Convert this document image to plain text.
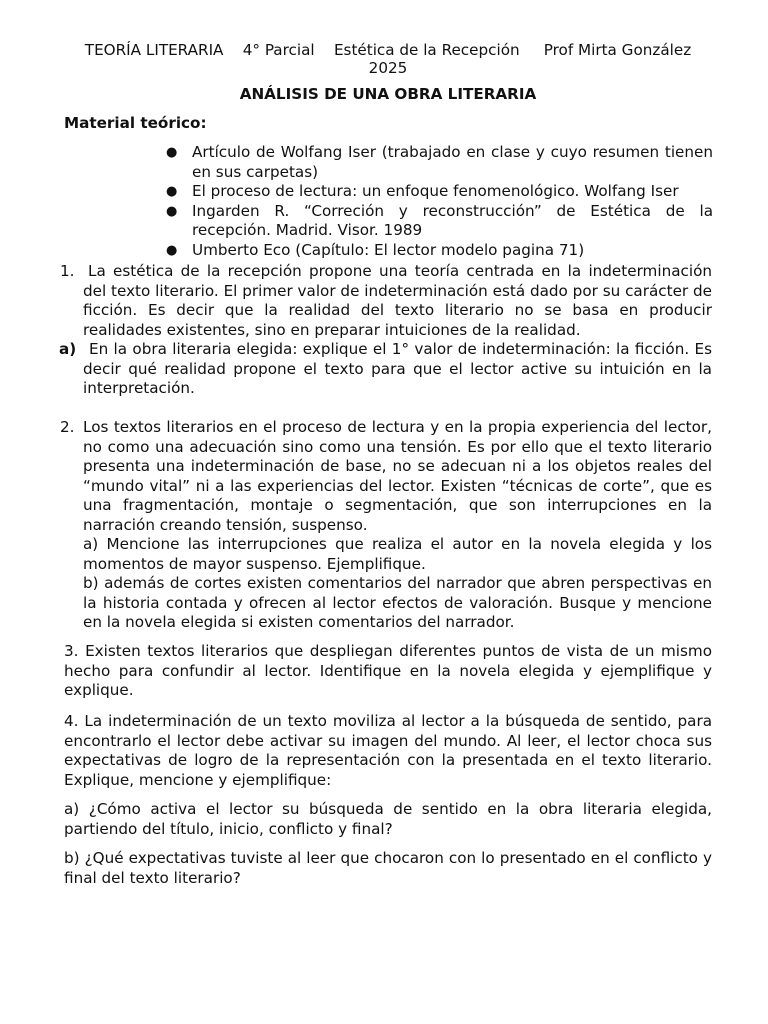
TEORÍA LITERARIA 4° Parcial Estética de la Recepción Prof Mirta González
2025
ANÁLISIS DE UNA OBRA LITERARIA
Material teórico:
● Artículo de Wolfang Iser (trabajado en clase y cuyo resumen tienen en sus carpetas)
● El proceso de lectura: un enfoque fenomenológico. Wolfang Iser
● Ingarden R. “Correción y reconstrucción” de Estética de la recepción. Madrid. Visor. 1989
● Umberto Eco (Capítulo: El lector modelo pagina 71)
1. La estética de la recepción propone una teoría centrada en la indeterminación del texto literario. El primer valor de indeterminación está dado por su carácter de ficción. Es decir que la realidad del texto literario no se basa en producir realidades existentes, sino en preparar intuiciones de la realidad.

a) En la obra literaria elegida: explique el 1° valor de indeterminación: la ficción. Es decir qué realidad propone el texto para que el lector active su intuición en la interpretación.

2. Los textos literarios en el proceso de lectura y en la propia experiencia del lector, no como una adecuación sino como una tensión. Es por ello que el texto literario presenta una indeterminación de base, no se adecuan ni a los objetos reales del “mundo vital” ni a las experiencias del lector. Existen “técnicas de corte”, que es una fragmentación, montaje o segmentación, que son interrupciones en la narración creando tensión, suspenso.

a) Mencione las interrupciones que realiza el autor en la novela elegida y los momentos de mayor suspenso. Ejemplifique.

b) además de cortes existen comentarios del narrador que abren perspectivas en la historia contada y ofrecen al lector efectos de valoración. Busque y mencione en la novela elegida si existen comentarios del narrador.

3. Existen textos literarios que despliegan diferentes puntos de vista de un mismo hecho para confundir al lector. Identifique en la novela elegida y ejemplifique y explique.

4. La indeterminación de un texto moviliza al lector a la búsqueda de sentido, para encontrarlo el lector debe activar su imagen del mundo. Al leer, el lector choca sus expectativas de logro de la representación con la presentada en el texto literario. Explique, mencione y ejemplifique:

a) ¿Cómo activa el lector su búsqueda de sentido en la obra literaria elegida, partiendo del título, inicio, conflicto y final?

b) ¿Qué expectativas tuviste al leer que chocaron con lo presentado en el conflicto y final del texto literario?
